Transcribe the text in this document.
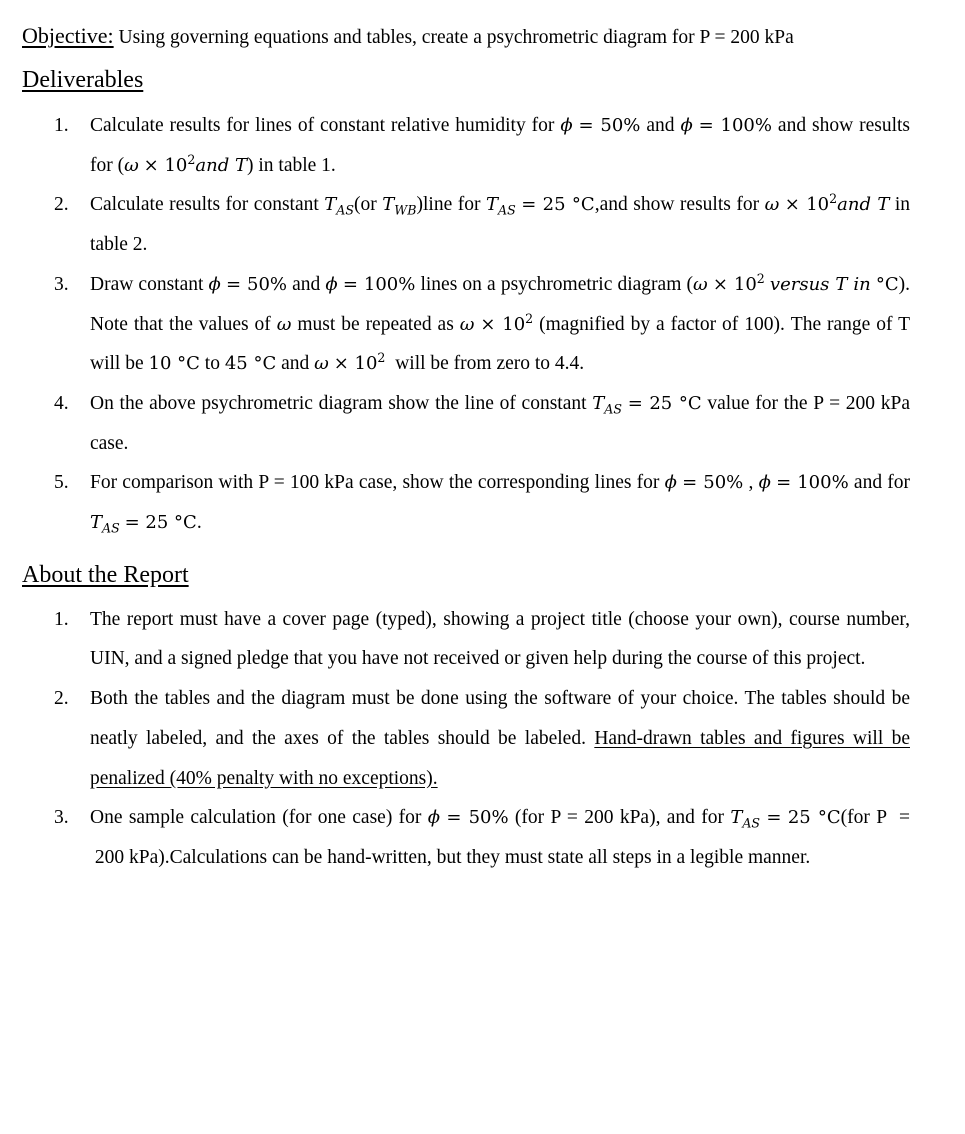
Objective: Using governing equations and tables, create a psychrometric diagram for P = 200 kPa

Deliverables
1. Calculate results for lines of constant relative humidity for ϕ = 50% and ϕ = 100% and show results for ($\omega \times 10^2and$ T) in table 1.
2. Calculate results for constant $T_{AS}(or$ $T_{WB})line$ for $T_{AS} = 25$ °C,and show results for $\omega \times 10^2and$ T in table 2.
3. Draw constant ϕ = 50% and ϕ = 100% lines on a psychrometric diagram ($\omega \times 10^2$ versus T in °C). Note that the values of ω must be repeated as $\omega \times 10^2$ (magnified by a factor of 100). The range of T will be 10 °C to 45 °C and $\omega \times 10^2$  will be from zero to 4.4.
4. On the above psychrometric diagram show the line of constant $T_{AS} = 25$ °C value for the P = 200 kPa case.
5. For comparison with P = 100 kPa case, show the corresponding lines for ϕ = 50% , ϕ = 100% and for $T_{AS} = 25$ °C.
About the Report
1. The report must have a cover page (typed), showing a project title (choose your own), course number, UIN, and a signed pledge that you have not received or given help during the course of this project.
2. Both the tables and the diagram must be done using the software of your choice. The tables should be neatly labeled, and the axes of the tables should be labeled. Hand-drawn tables and figures will be penalized (40% penalty with no exceptions).
3. One sample calculation (for one case) for ϕ = 50% (for P = 200 kPa), and for $T_{AS} = 25$ °C(for P  =  200 kPa).Calculations can be hand-written, but they must state all steps in a legible manner.
